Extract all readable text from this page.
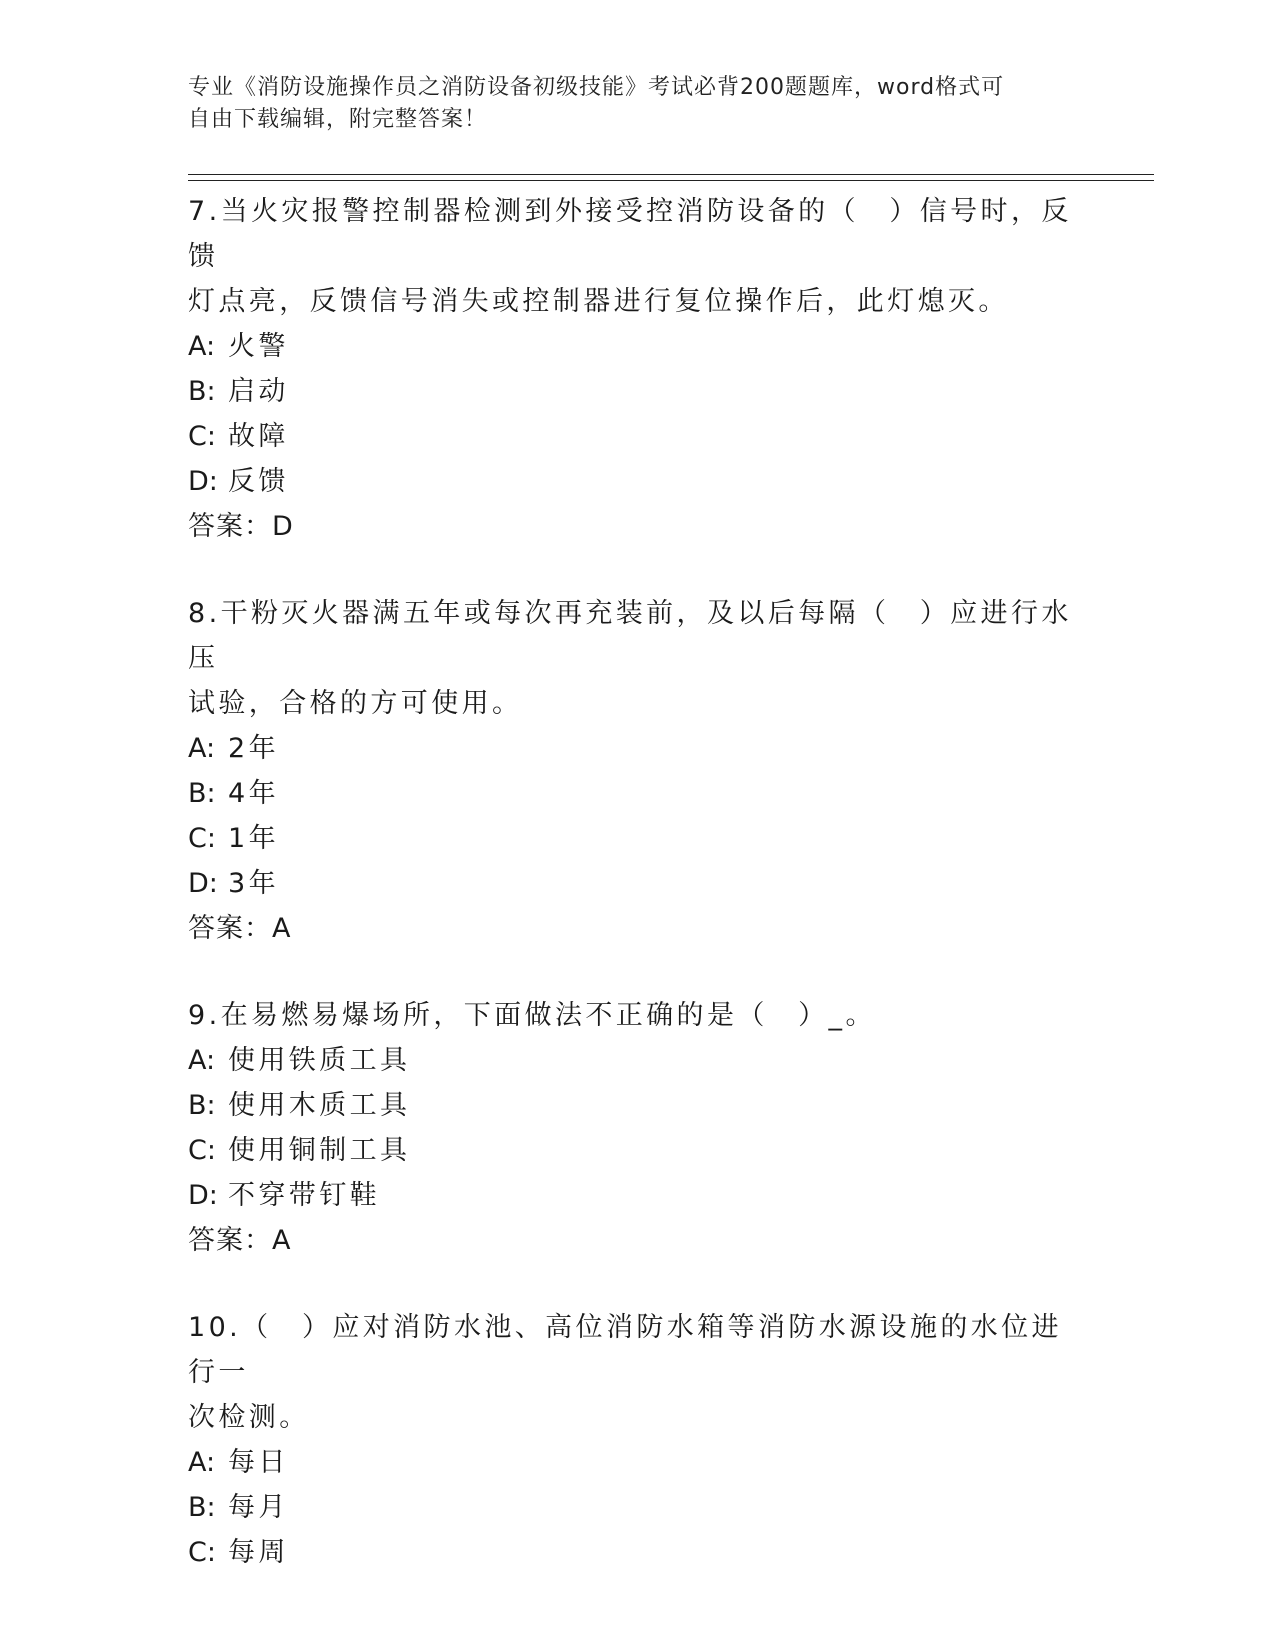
专业《消防设施操作员之消防设备初级技能》考试必背200题题库，word格式可
自由下载编辑，附完整答案！

7.当火灾报警控制器检测到外接受控消防设备的（　）信号时，反馈

灯点亮，反馈信号消失或控制器进行复位操作后，此灯熄灭。

A: 火警

B: 启动

C: 故障

D: 反馈

答案：D

8.干粉灭火器满五年或每次再充装前，及以后每隔（　）应进行水压

试验，合格的方可使用。

A: 2年

B: 4年

C: 1年

D: 3年

答案：A

9.在易燃易爆场所，下面做法不正确的是（　）_。

A: 使用铁质工具

B: 使用木质工具

C: 使用铜制工具

D: 不穿带钉鞋

答案：A

10.（　）应对消防水池、高位消防水箱等消防水源设施的水位进行一

次检测。

A: 每日

B: 每月

C: 每周
